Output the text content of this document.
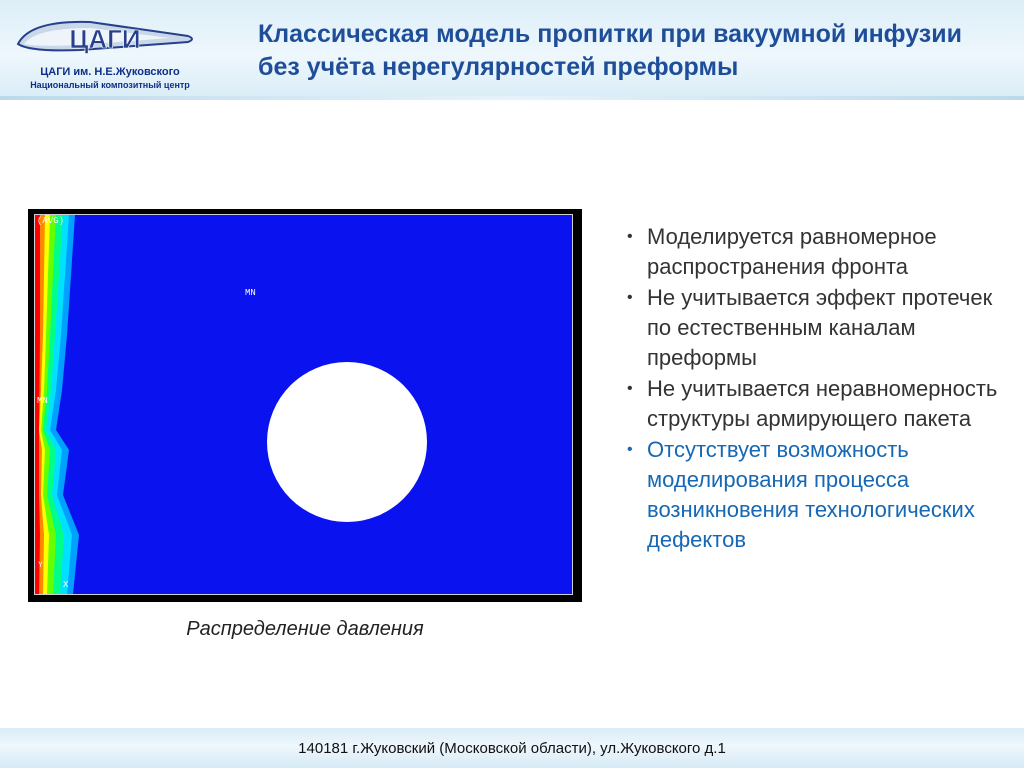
ЦАГИ
ЦАГИ им. Н.Е.Жуковского
Национальный композитный центр
Классическая модель пропитки при вакуумной инфузии без учёта нерегулярностей преформы
(AVG)
MN
MN
Y
X
Распределение давления
• Моделируется равномерное распространения фронта
• Не учитывается эффект протечек по естественным каналам преформы
• Не учитывается неравномерность структуры армирующего пакета
• Отсутствует возможность моделирования процесса возникновения технологических дефектов
140181 г.Жуковский (Московской области), ул.Жуковского д.1
